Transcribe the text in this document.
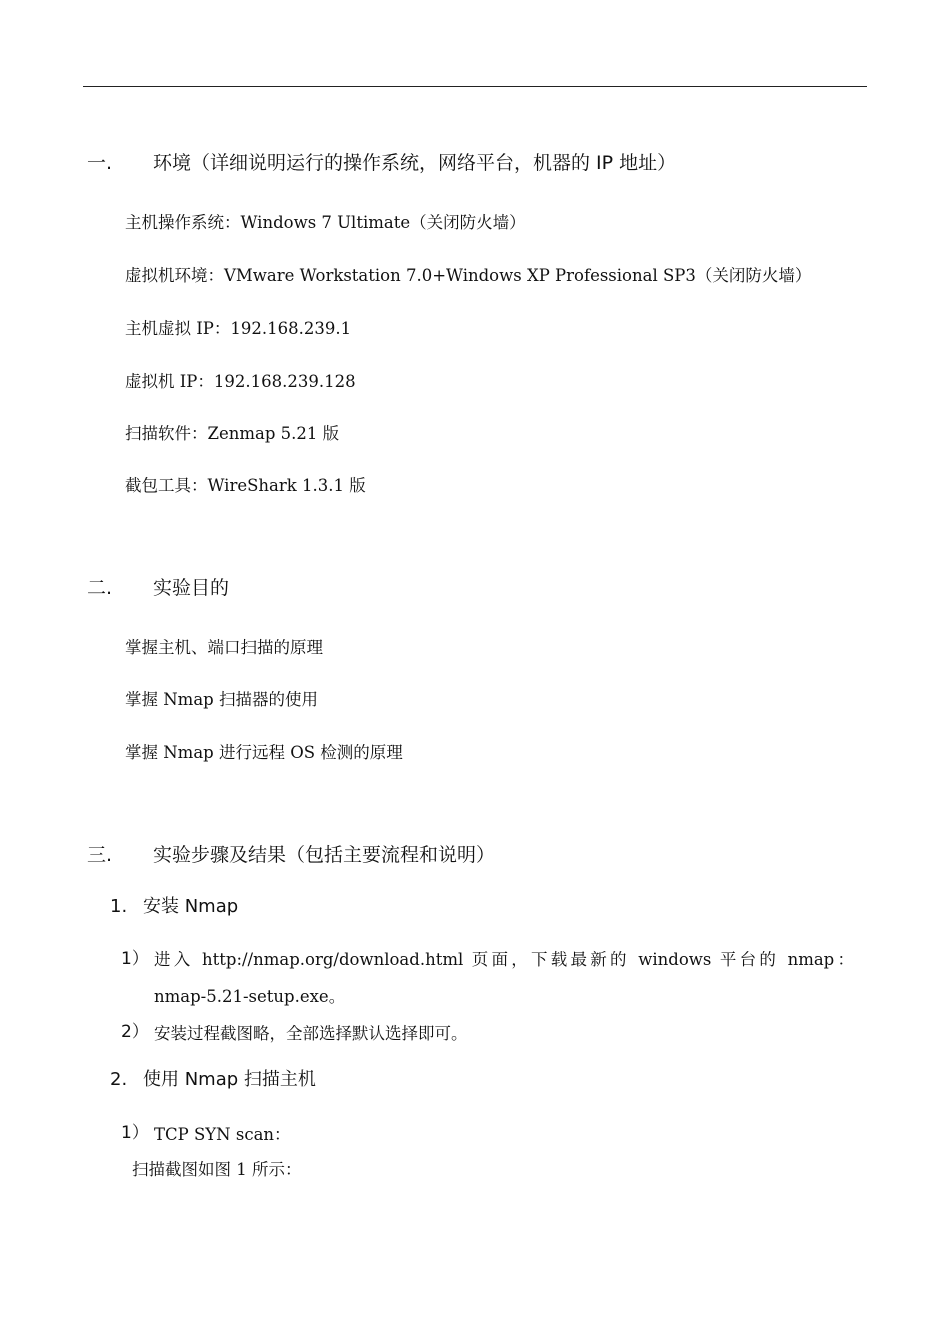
一. 环境（详细说明运行的操作系统，网络平台，机器的 IP 地址）
主机操作系统：Windows 7 Ultimate（关闭防火墙）
虚拟机环境：VMware Workstation 7.0+Windows XP Professional SP3（关闭防火墙）
主机虚拟 IP：192.168.239.1
虚拟机 IP：192.168.239.128
扫描软件：Zenmap 5.21 版
截包工具：WireShark 1.3.1 版
二. 实验目的
掌握主机、端口扫描的原理
掌握 Nmap 扫描器的使用
掌握 Nmap 进行远程 OS 检测的原理
三. 实验步骤及结果（包括主要流程和说明）
1. 安装 Nmap
1） 进入 http://nmap.org/download.html 页面，下载最新的 windows 平台的 nmap：
nmap-5.21-setup.exe。
2） 安装过程截图略，全部选择默认选择即可。
2. 使用 Nmap 扫描主机
1） TCP SYN scan：
扫描截图如图 1 所示：
